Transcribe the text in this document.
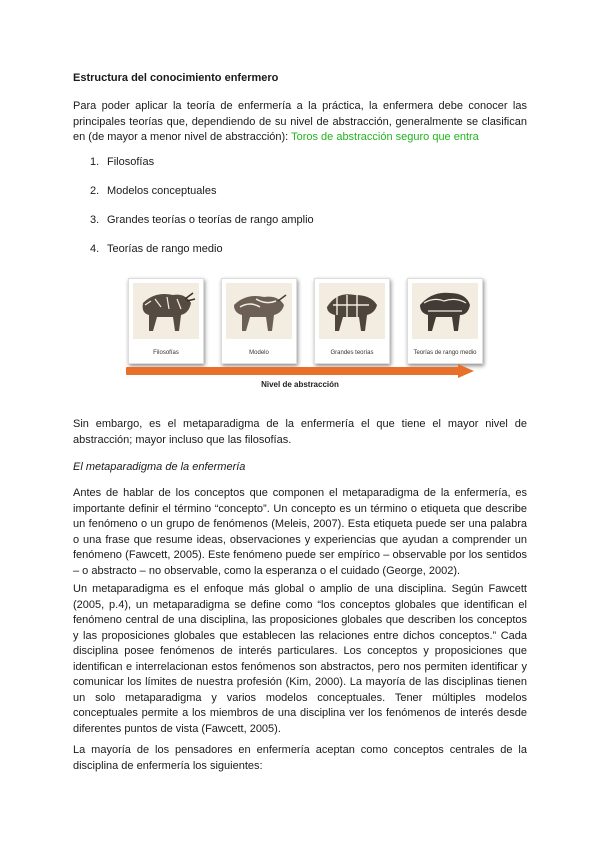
Estructura del conocimiento enfermero

Para poder aplicar la teoría de enfermería a la práctica, la enfermera debe conocer las principales teorías que, dependiendo de su nivel de abstracción, generalmente se clasifican en (de mayor a menor nivel de abstracción): Toros de abstracción seguro que entra

1. Filosofías
2. Modelos conceptuales
3. Grandes teorías o teorías de rango amplio
4. Teorías de rango medio
Filosofías	Modelo	Grandes teorías	Teorías de rango medio
Nivel de abstracción

Sin embargo, es el metaparadigma de la enfermería el que tiene el mayor nivel de abstracción; mayor incluso que las filosofías.

El metaparadigma de la enfermería

Antes de hablar de los conceptos que componen el metaparadigma de la enfermería, es importante definir el término “concepto”. Un concepto es un término o etiqueta que describe un fenómeno o un grupo de fenómenos (Meleis, 2007). Esta etiqueta puede ser una palabra o una frase que resume ideas, observaciones y experiencias que ayudan a comprender un fenómeno (Fawcett, 2005). Este fenómeno puede ser empírico – observable por los sentidos – o abstracto – no observable, como la esperanza o el cuidado (George, 2002).

Un metaparadigma es el enfoque más global o amplio de una disciplina. Según Fawcett (2005, p.4), un metaparadigma se define como “los conceptos globales que identifican el fenómeno central de una disciplina, las proposiciones globales que describen los conceptos y las proposiciones globales que establecen las relaciones entre dichos conceptos.” Cada disciplina posee fenómenos de interés particulares. Los conceptos y proposiciones que identifican e interrelacionan estos fenómenos son abstractos, pero nos permiten identificar y comunicar los límites de nuestra profesión (Kim, 2000). La mayoría de las disciplinas tienen un solo metaparadigma y varios modelos conceptuales. Tener múltiples modelos conceptuales permite a los miembros de una disciplina ver los fenómenos de interés desde diferentes puntos de vista (Fawcett, 2005).

La mayoría de los pensadores en enfermería aceptan como conceptos centrales de la disciplina de enfermería los siguientes:
